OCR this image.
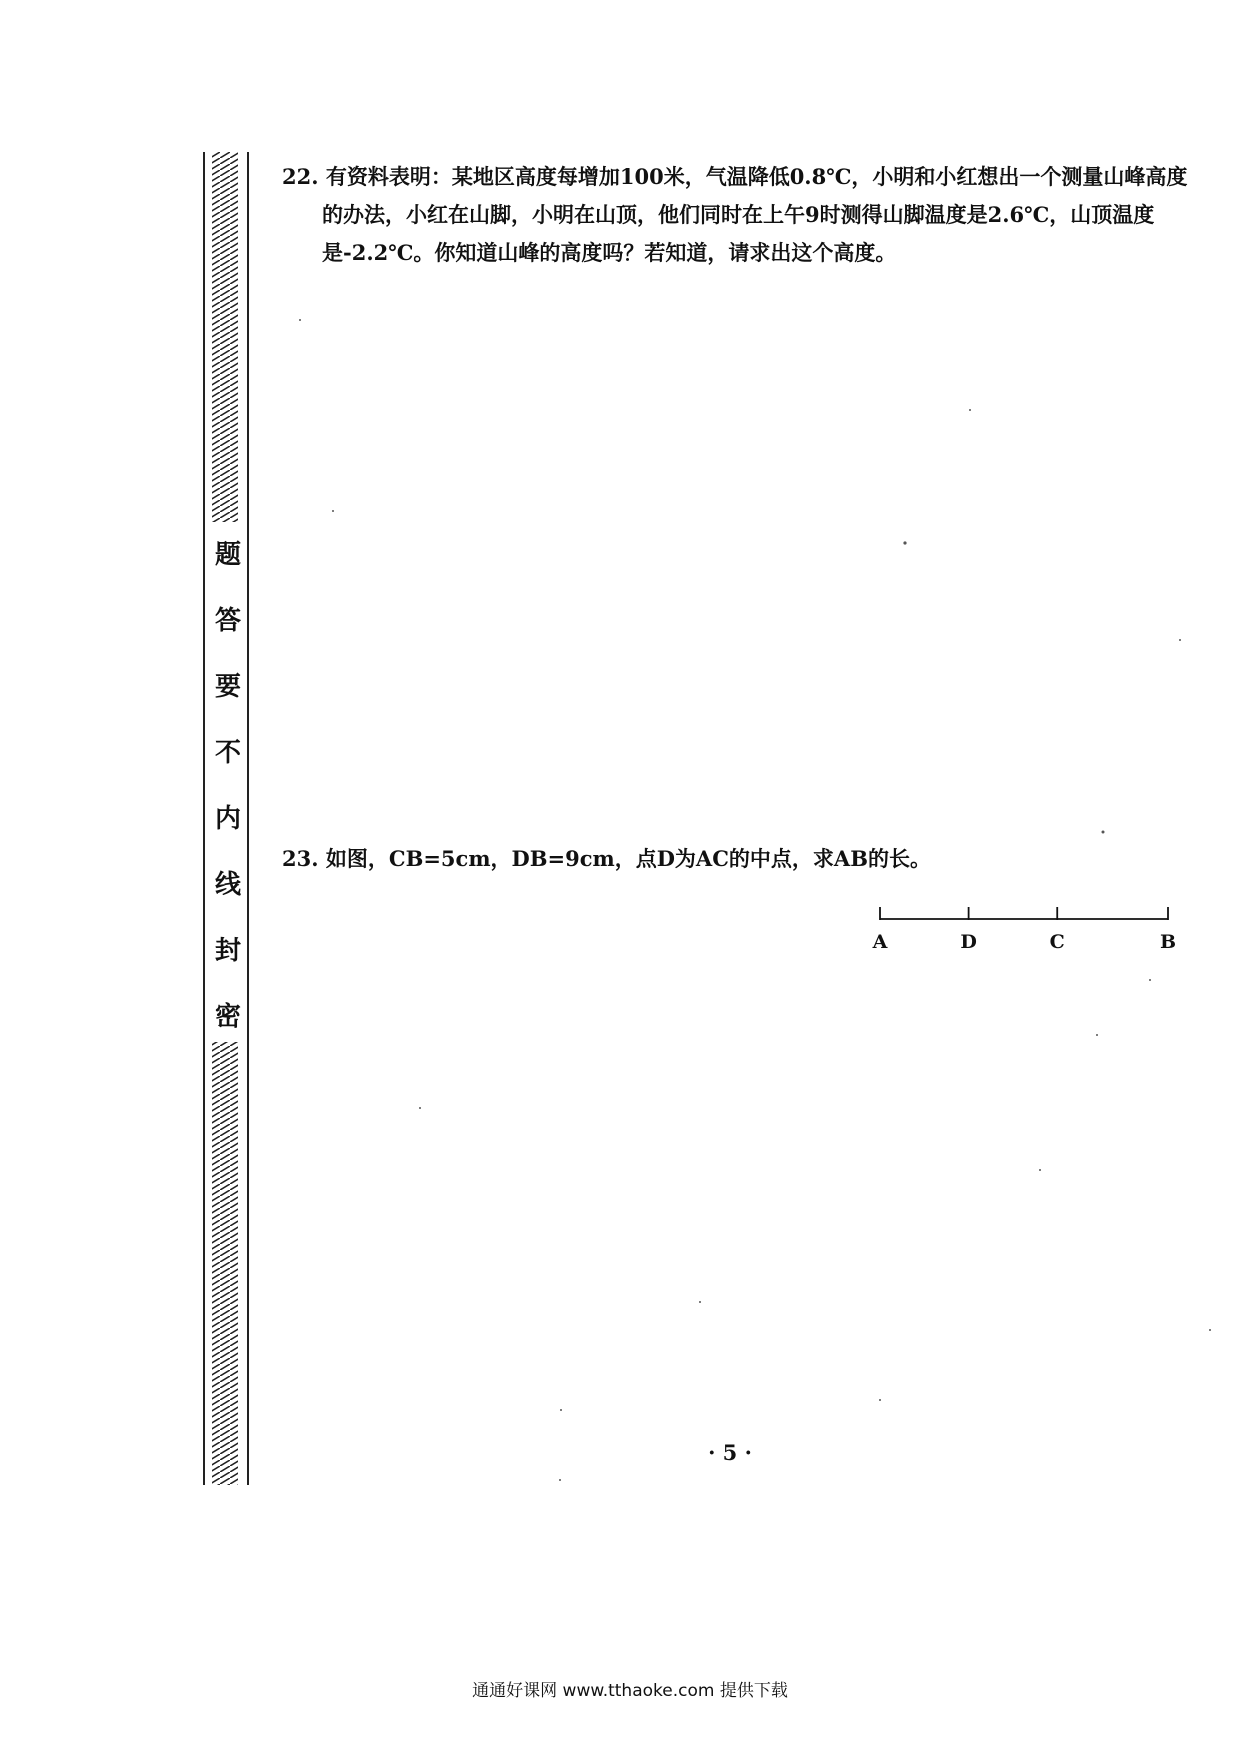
题
答
要
不
内
线
封
密
22. 有资料表明：某地区高度每增加100米，气温降低0.8℃，小明和小红想出一个测量山峰高度的办法，小红在山脚，小明在山顶，他们同时在上午9时测得山脚温度是2.6℃，山顶温度是-2.2℃。你知道山峰的高度吗？若知道，请求出这个高度。
23. 如图，CB=5cm，DB=9cm，点D为AC的中点，求AB的长。
A	D	C	B
· 5 ·
通通好课网 www.tthaoke.com 提供下载
